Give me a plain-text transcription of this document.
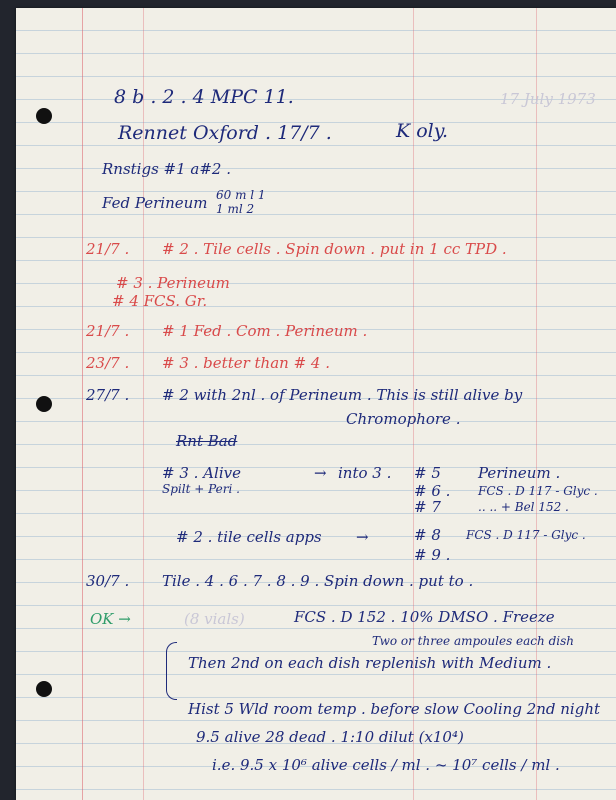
8 b . 2 . 4 MPC 11.	17 July 1973
Rennet Oxford . 17/7 .	K oly.
Rnstigs #1 a#2 .
Fed Perineum 60 m l 1
1 ml 2
21/7 . # 2 . Tile cells . Spin down . put in 1 cc TPD .
# 3 . Perineum
# 4 FCS. Gr.
21/7 . # 1 Fed . Com . Perineum .
23/7 . # 3 . better than # 4 .
27/7 . # 2 with 2nl . of Perineum . This is still alive by
Chromophore .
Rnt Bad
# 3 . Alive	→ into 3 . # 5 Perineum .
Spilt + Peri .	# 6 . FCS . D 117 - Glyc .
# 7	.. .. + Bel 152 .
# 2 . tile cells apps →	# 8 FCS . D 117 - Glyc .
# 9 .
30/7 . Tile . 4 . 6 . 7 . 8 . 9 . Spin down . put to .
OK →	(8 vials)
Two or three ampoules each dish
FCS . D 152 . 10% DMSO . Freeze
Then 2nd on each dish replenish with Medium .
Hist 5 Wld room temp . before slow Cooling 2nd night
9.5 alive 28 dead . 1:10 dilut (x10⁴)
i.e. 9.5 x 10⁶ alive cells / ml . ~ 10⁷ cells / ml .
